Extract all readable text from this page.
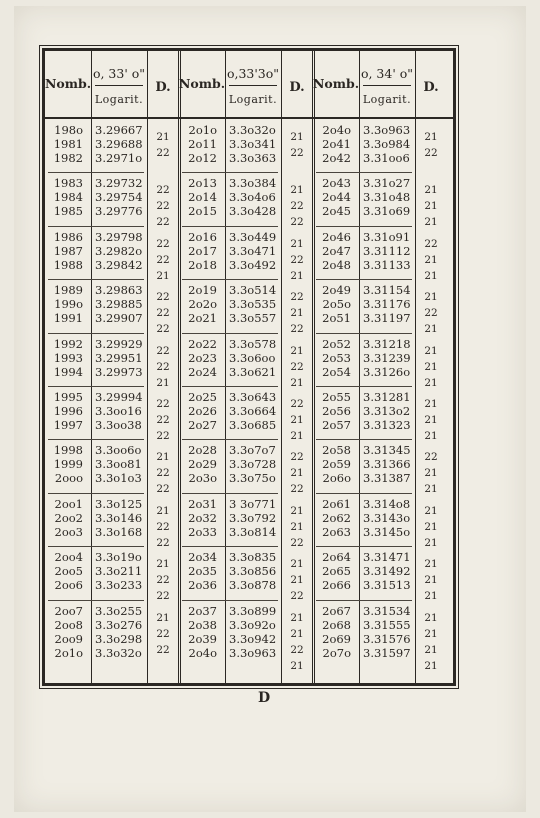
Nomb.
o, 33' o"
Logarit.
D. Nomb.
o,33'3o"
Logarit.
D. Nomb.
o, 34' o"
Logarit.
D.
198o 3.29667
1981 3.29688
1982 3.2971o
21
22
1983 3.29732
1984 3.29754
1985 3.29776
22
22
22
1986 3.29798
1987 3.2982o
1988 3.29842
22
22
21
1989 3.29863
199o 3.29885
1991 3.29907
22
22
22
1992 3.29929
1993 3.29951
1994 3.29973
22
22
21
1995 3.29994
1996 3.3oo16
1997 3.3oo38
22
22
22
1998 3.3oo6o
1999 3.3oo81
2ooo 3.3o1o3
21
22
22
2oo1 3.3o125
2oo2 3.3o146
2oo3 3.3o168
21
22
22
2oo4 3.3o19o
2oo5 3.3o211
2oo6 3.3o233
21
22
22
2oo7 3.3o255
2oo8 3.3o276
2oo9 3.3o298
2o1o 3.3o32o
21
22
22
2o1o 3.3o32o
2o11 3.3o341
2o12 3.3o363
21
22
2o13 3.3o384
2o14 3.3o4o6
2o15 3.3o428
21
22
22
2o16 3.3o449
2o17 3.3o471
2o18 3.3o492
21
22
21
2o19 3.3o514
2o2o 3.3o535
2o21 3.3o557
22
21
22
2o22 3.3o578
2o23 3.3o6oo
2o24 3.3o621
21
22
21
2o25 3.3o643
2o26 3.3o664
2o27 3.3o685
22
21
21
2o28 3.3o7o7
2o29 3.3o728
2o3o 3.3o75o
22
21
22
2o31 3 3o771
2o32 3.3o792
2o33 3.3o814
21
21
22
2o34 3.3o835
2o35 3.3o856
2o36 3.3o878
21
21
22
2o37 3.3o899
2o38 3.3o92o
2o39 3.3o942
2o4o 3.3o963
21
21
22
21
2o4o 3.3o963
2o41 3.3o984
2o42 3.31oo6
21
22
2o43 3.31o27
2o44 3.31o48
2o45 3.31o69
21
21
21
2o46 3.31o91
2o47 3.31112
2o48 3.31133
22
21
21
2o49 3.31154
2o5o 3.31176
2o51 3.31197
21
22
21
2o52 3.31218
2o53 3.31239
2o54 3.3126o
21
21
21
2o55 3.31281
2o56 3.313o2
2o57 3.31323
21
21
21
2o58 3.31345
2o59 3.31366
2o6o 3.31387
22
21
21
2o61 3.314o8
2o62 3.3143o
2o63 3.3145o
21
21
21
2o64 3.31471
2o65 3.31492
2o66 3.31513
21
21
21
2o67 3.31534
2o68 3.31555
2o69 3.31576
2o7o 3.31597
21
21
21
21
D
